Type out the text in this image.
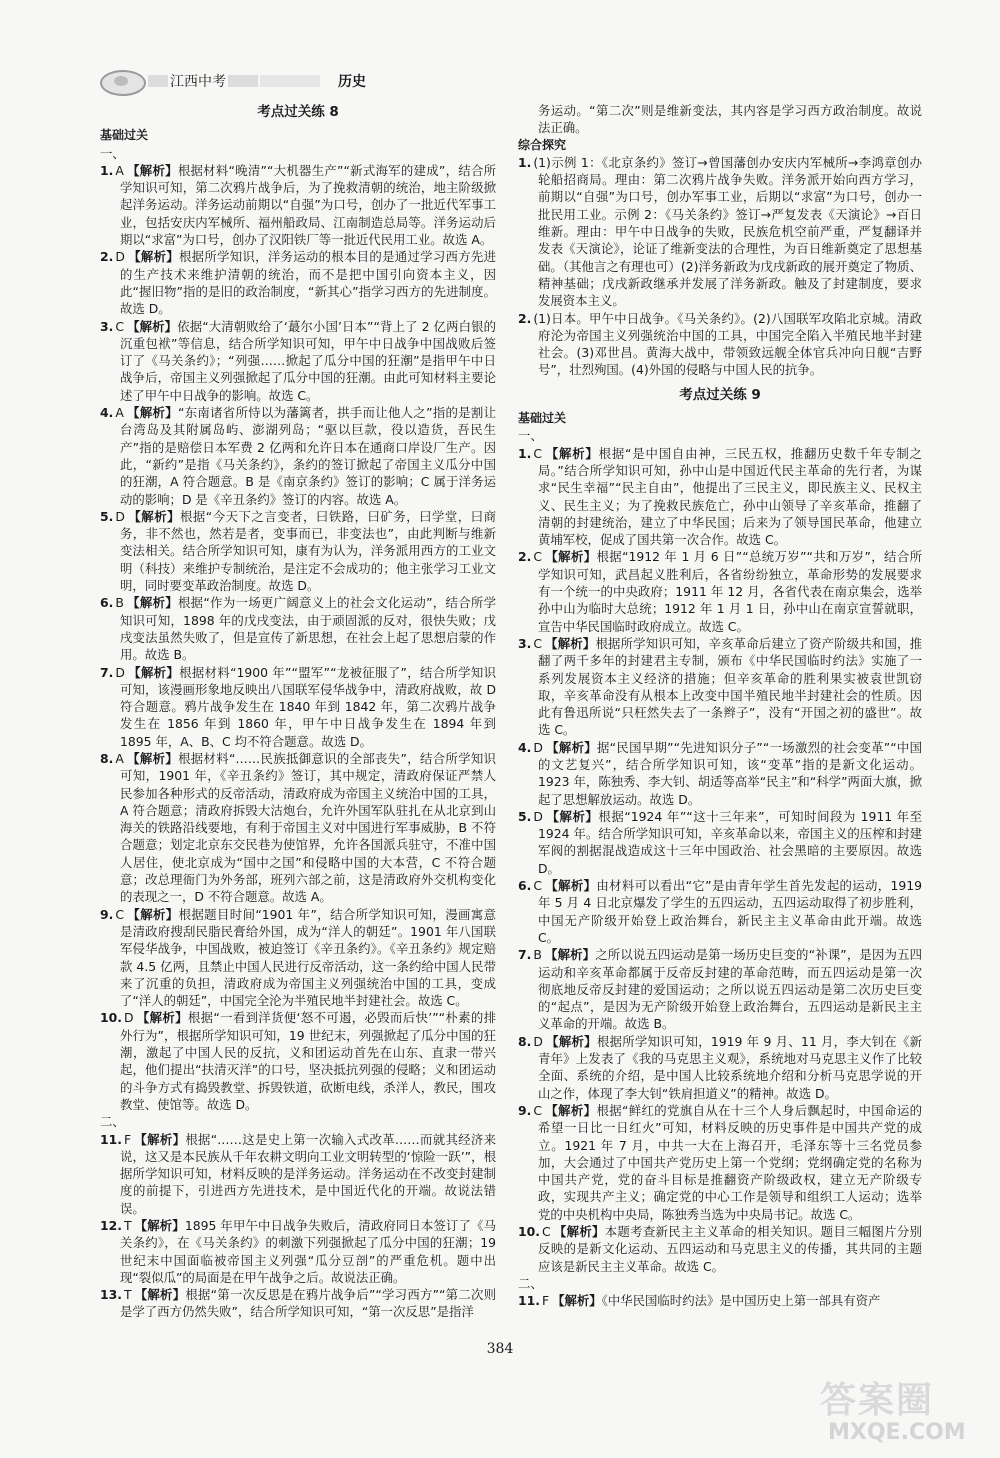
江西中考	历史
考点过关练 8
基础过关
一、
1. A 【解析】根据材料“晚清”“大机器生产”“新式海军的建成”，结合所学知识可知，第二次鸦片战争后，为了挽救清朝的统治，地主阶级掀起洋务运动。洋务运动前期以“自强”为口号，创办了一批近代军事工业，包括安庆内军械所、福州船政局、江南制造总局等。洋务运动后期以“求富”为口号，创办了汉阳铁厂等一批近代民用工业。故选 A。
2. D 【解析】根据所学知识，洋务运动的根本目的是通过学习西方先进的生产技术来维护清朝的统治，而不是把中国引向资本主义，因此“握旧物”指的是旧的政治制度，“新其心”指学习西方的先进制度。故选 D。
3. C 【解析】依据“大清朝败给了‘蕞尔小国’日本”“背上了 2 亿两白银的沉重包袱”等信息，结合所学知识可知，甲午中日战争中国战败后签订了《马关条约》；“列强……掀起了瓜分中国的狂潮”是指甲午中日战争后，帝国主义列强掀起了瓜分中国的狂潮。由此可知材料主要论述了甲午中日战争的影响。故选 C。
4. A 【解析】“东南诸省所恃以为藩篱者，拱手而让他人之”指的是割让台湾岛及其附属岛屿、澎湖列岛；“驱以巨款，役以造货，吾民生产”指的是赔偿日本军费 2 亿两和允许日本在通商口岸设厂生产。因此，“新约”是指《马关条约》，条约的签订掀起了帝国主义瓜分中国的狂潮，A 符合题意。B 是《南京条约》签订的影响；C 属于洋务运动的影响；D 是《辛丑条约》签订的内容。故选 A。
5. D 【解析】根据“今天下之言变者，曰铁路，曰矿务，曰学堂，曰商务，非不然也，然若是者，变事而已，非变法也”，由此判断与维新变法相关。结合所学知识可知，康有为认为，洋务派用西方的工业文明（科技）来维护专制统治，是注定不会成功的；他主张学习工业文明，同时要变革政治制度。故选 D。
6. B 【解析】根据“作为一场更广阔意义上的社会文化运动”，结合所学知识可知，1898 年的戊戌变法，由于顽固派的反对，很快失败；戊戌变法虽然失败了，但是宣传了新思想，在社会上起了思想启蒙的作用。故选 B。
7. D 【解析】根据材料“1900 年”“盟军”“龙被征服了”，结合所学知识可知，该漫画形象地反映出八国联军侵华战争中，清政府战败，故 D 符合题意。鸦片战争发生在 1840 年到 1842 年，第二次鸦片战争发生在 1856 年到 1860 年，甲午中日战争发生在 1894 年到 1895 年，A、B、C 均不符合题意。故选 D。
8. A 【解析】根据材料“……民族抵御意识的全部丧失”，结合所学知识可知，1901 年，《辛丑条约》签订，其中规定，清政府保证严禁人民参加各种形式的反帝活动，清政府成为帝国主义统治中国的工具，A 符合题意；清政府拆毁大沽炮台，允许外国军队驻扎在从北京到山海关的铁路沿线要地，有利于帝国主义对中国进行军事威胁，B 不符合题意；划定北京东交民巷为使馆界，允许各国派兵驻守，不准中国人居住，使北京成为“国中之国”和侵略中国的大本营，C 不符合题意；改总理衙门为外务部，班列六部之前，这是清政府外交机构变化的表现之一，D 不符合题意。故选 A。
9. C 【解析】根据题目时间“1901 年”，结合所学知识可知，漫画寓意是清政府搜刮民脂民膏给外国，成为“洋人的朝廷”。1901 年八国联军侵华战争，中国战败，被迫签订《辛丑条约》。《辛丑条约》规定赔款 4.5 亿两，且禁止中国人民进行反帝活动，这一条约给中国人民带来了沉重的负担，清政府成为帝国主义列强统治中国的工具，变成了“洋人的朝廷”，中国完全沦为半殖民地半封建社会。故选 C。
10. D 【解析】根据“一看到洋货便‘怒不可遏，必毁而后快’”“朴素的排外行为”，根据所学知识可知，19 世纪末，列强掀起了瓜分中国的狂潮，激起了中国人民的反抗，义和团运动首先在山东、直隶一带兴起，他们提出“扶清灭洋”的口号，坚决抵抗列强的侵略；义和团运动的斗争方式有捣毁教堂、拆毁铁道，砍断电线，杀洋人，教民，围攻教堂、使馆等。故选 D。
二、
11. F 【解析】根据“……这是史上第一次输入式改革……而就其经济来说，这又是本民族从千年农耕文明向工业文明转型的‘惊险一跃’”，根据所学知识可知，材料反映的是洋务运动。洋务运动在不改变封建制度的前提下，引进西方先进技术，是中国近代化的开端。故说法错误。
12. T 【解析】1895 年甲午中日战争失败后，清政府同日本签订了《马关条约》，在《马关条约》的刺激下列强掀起了瓜分中国的狂潮；19 世纪末中国面临被帝国主义列强“瓜分豆剖”的严重危机。题中出现“裂似瓜”的局面是在甲午战争之后。故说法正确。
13. T 【解析】根据“第一次反思是在鸦片战争后”“学习西方”“第二次则是学了西方仍然失败”，结合所学知识可知，“第一次反思”是指洋
务运动。“第二次”则是维新变法，其内容是学习西方政治制度。故说法正确。
综合探究
1. (1)示例 1：《北京条约》签订→曾国藩创办安庆内军械所→李鸿章创办轮船招商局。理由：第二次鸦片战争失败。洋务派开始向西方学习，前期以“自强”为口号，创办军事工业，后期以“求富”为口号，创办一批民用工业。示例 2：《马关条约》签订→严复发表《天演论》→百日维新。理由：甲午中日战争的失败，民族危机空前严重，严复翻译并发表《天演论》，论证了维新变法的合理性，为百日维新奠定了思想基础。（其他言之有理也可）(2)洋务新政为戊戌新政的展开奠定了物质、精神基础；戊戌新政继承并发展了洋务新政。触及了封建制度，要求发展资本主义。
2. (1)日本。甲午中日战争。《马关条约》。(2)八国联军攻陷北京城。清政府沦为帝国主义列强统治中国的工具，中国完全陷入半殖民地半封建社会。(3)邓世昌。黄海大战中，带领致远舰全体官兵冲向日舰“吉野号”，壮烈殉国。(4)外国的侵略与中国人民的抗争。
考点过关练 9
基础过关
一、
1. C 【解析】根据“是中国自由神，三民五权，推翻历史数千年专制之局。”结合所学知识可知，孙中山是中国近代民主革命的先行者，为谋求“民生幸福”“民主自由”，他提出了三民主义，即民族主义、民权主义、民生主义；为了挽救民族危亡，孙中山领导了辛亥革命，推翻了清朝的封建统治，建立了中华民国；后来为了领导国民革命，他建立黄埔军校，促成了国共第一次合作。故选 C。
2. C 【解析】根据“1912 年 1 月 6 日”“总统万岁”“共和万岁”，结合所学知识可知，武昌起义胜利后，各省纷纷独立，革命形势的发展要求有一个统一的中央政府；1911 年 12 月，各省代表在南京集会，选举孙中山为临时大总统；1912 年 1 月 1 日，孙中山在南京宣誓就职，宣告中华民国临时政府成立。故选 C。
3. C 【解析】根据所学知识可知，辛亥革命后建立了资产阶级共和国，推翻了两千多年的封建君主专制，颁布《中华民国临时约法》实施了一系列发展资本主义经济的措施；但辛亥革命的胜利果实被袁世凯窃取，辛亥革命没有从根本上改变中国半殖民地半封建社会的性质。因此有鲁迅所说“只枉然失去了一条辫子”，没有“开国之初的盛世”。故选 C。
4. D 【解析】据“民国早期”“先进知识分子”“一场激烈的社会变革”“中国的文艺复兴”，结合所学知识可知，该“变革”指的是新文化运动。1923 年，陈独秀、李大钊、胡适等高举“民主”和“科学”两面大旗，掀起了思想解放运动。故选 D。
5. D 【解析】根据“1924 年”“这十三年来”，可知时间段为 1911 年至 1924 年。结合所学知识可知，辛亥革命以来，帝国主义的压榨和封建军阀的割据混战造成这十三年中国政治、社会黑暗的主要原因。故选 D。
6. C 【解析】由材料可以看出“它”是由青年学生首先发起的运动，1919 年 5 月 4 日北京爆发了学生的五四运动，五四运动取得了初步胜利，中国无产阶级开始登上政治舞台，新民主主义革命由此开端。故选 C。
7. B 【解析】之所以说五四运动是第一场历史巨变的“补课”，是因为五四运动和辛亥革命都属于反帝反封建的革命范畴，而五四运动是第一次彻底地反帝反封建的爱国运动；之所以说五四运动是第二次历史巨变的“起点”，是因为无产阶级开始登上政治舞台，五四运动是新民主主义革命的开端。故选 B。
8. D 【解析】根据所学知识可知，1919 年 9 月、11 月，李大钊在《新青年》上发表了《我的马克思主义观》，系统地对马克思主义作了比较全面、系统的介绍，是中国人比较系统地介绍和分析马克思学说的开山之作，体现了李大钊“铁肩担道义”的精神。故选 D。
9. C 【解析】根据“鲜红的党旗自从在十三个人身后飘起时，中国命运的希望一日比一日红火”可知，材料反映的历史事件是中国共产党的成立。1921 年 7 月，中共一大在上海召开，毛泽东等十三名党员参加，大会通过了中国共产党历史上第一个党纲；党纲确定党的名称为中国共产党，党的奋斗目标是推翻资产阶级政权，建立无产阶级专政，实现共产主义；确定党的中心工作是领导和组织工人运动；选举党的中央机构中央局，陈独秀当选为中央局书记。故选 C。
10. C 【解析】本题考查新民主主义革命的相关知识。题目三幅图片分别反映的是新文化运动、五四运动和马克思主义的传播，其共同的主题应该是新民主主义革命。故选 C。
二、
11. F 【解析】《中华民国临时约法》是中国历史上第一部具有资产
384
答案圈
MXQE.COM
